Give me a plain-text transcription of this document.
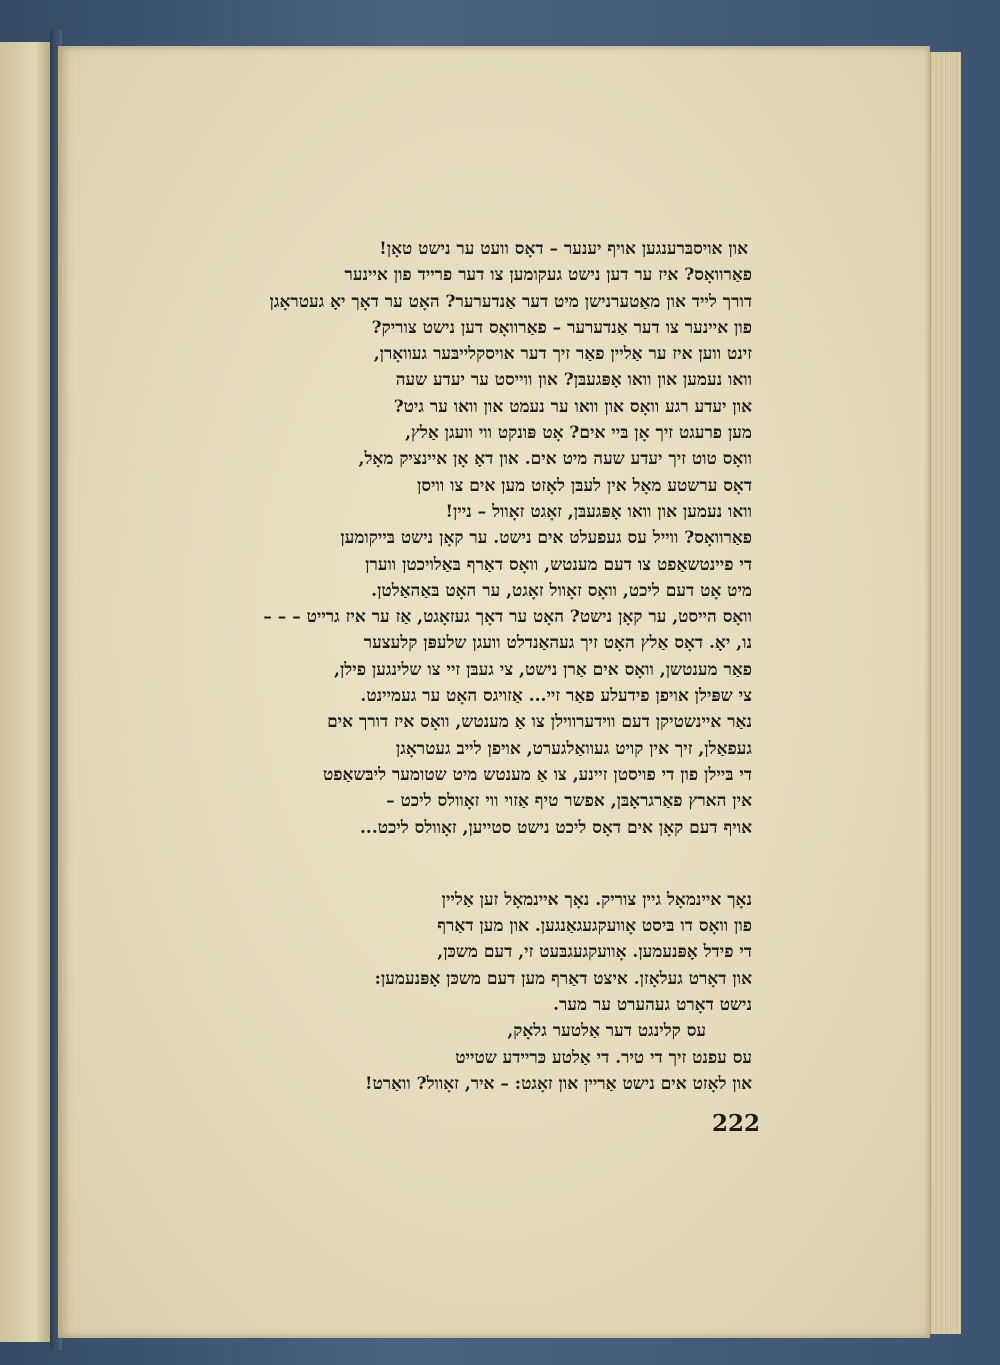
און אויסבּרענגען אויף יענער – דאָס וועט ער נישט טאָן!
פאַרוואָס? איז ער דען נישט געקומען צו דער פרייד פון איינער
דורך לייד און מאַטערנישן מיט דער אַנדערער? האָט ער דאָך יאָ געטראָגן
פון איינער צו דער אַנדערער – פאַרוואָס דען נישט צוריק?
זינט ווען איז ער אַליין פאַר זיך דער אויסקלייבּער געוואָרן,
וואו נעמען און וואו אָפּגעבּן? און ווייסט ער יעדע שעה
און יעדע רגע וואָס און וואו ער נעמט און וואו ער גיט?
מען פרעגט זיך אָן בּיי אים? אָט פּונקט ווי וועגן אַלץ,
וואָס טוט זיך יעדע שעה מיט אים. און דאָ אָן איינציק מאָל,
דאָס ערשטע מאָל אין לעבּן לאָזט מען אים צו וויסן
וואו נעמען און וואו אָפּגעבּן, זאָגט זאָוול – ניין!
פאַרוואָס? ווייל עס געפעלט אים נישט. ער קאָן נישט בּייקומען
די פיינטשאַפט צו דעם מענטש, וואָס דאַרף בּאַלויכטן ווערן
מיט אָט דעם ליכט, וואָס זאָוול זאָגט, ער האָט בּאַהאַלטן.
וואָס הייסט, ער קאָן נישט? האָט ער דאָך געזאָגט, אַז ער איז גרייט – – –
נו, יאָ. דאָס אַלץ האָט זיך געהאַנדלט וועגן שלעפּן קלעצער
פאַר מענטשן, וואָס אים אַרן נישט, צי געבּן זיי צו שלינגען פילן,
צי שפּילן אויפן פידעלע פאַר זיי... אַזויגס האָט ער געמיינט.
נאַר איינשטיקן דעם ווידערווילן צו אַ מענטש, וואָס איז דורך אים
געפאַלן, זיך אין קויט געוואַלגערט, אויפן לייב געטראָגן
די בּיילן פון די פויסטן זיינע, צו אַ מענטש מיט שטומער ליבּשאַפט
אין הארץ פאַרגראָבּן, אפשר טיף אַזוי ווי זאָוולס ליכט –
אויף דעם קאָן אים דאָס ליכט נישט סטייען, זאָוולס ליכט...
נאָך איינמאָל גיין צוריק. נאָך איינמאָל זען אַליין
פון וואָס דו בּיסט אָוועקגעגאַנגען. און מען דאַרף
די פידל אָפּנעמען. אָוועקגעגבּעט זי, דעם משכּן,
און דאָרט געלאָזן. איצט דאַרף מען דעם משכּן אָפּנעמען:
נישט דאָרט געהערט ער מער.
עס קלינגט דער אַלטער גלאָק,
עס עפנט זיך די טיר. די אַלטע כּריידע שטייט
און לאָזט אים נישט אַריין און זאָגט: – איר, זאָוול? וואַרט!
222
